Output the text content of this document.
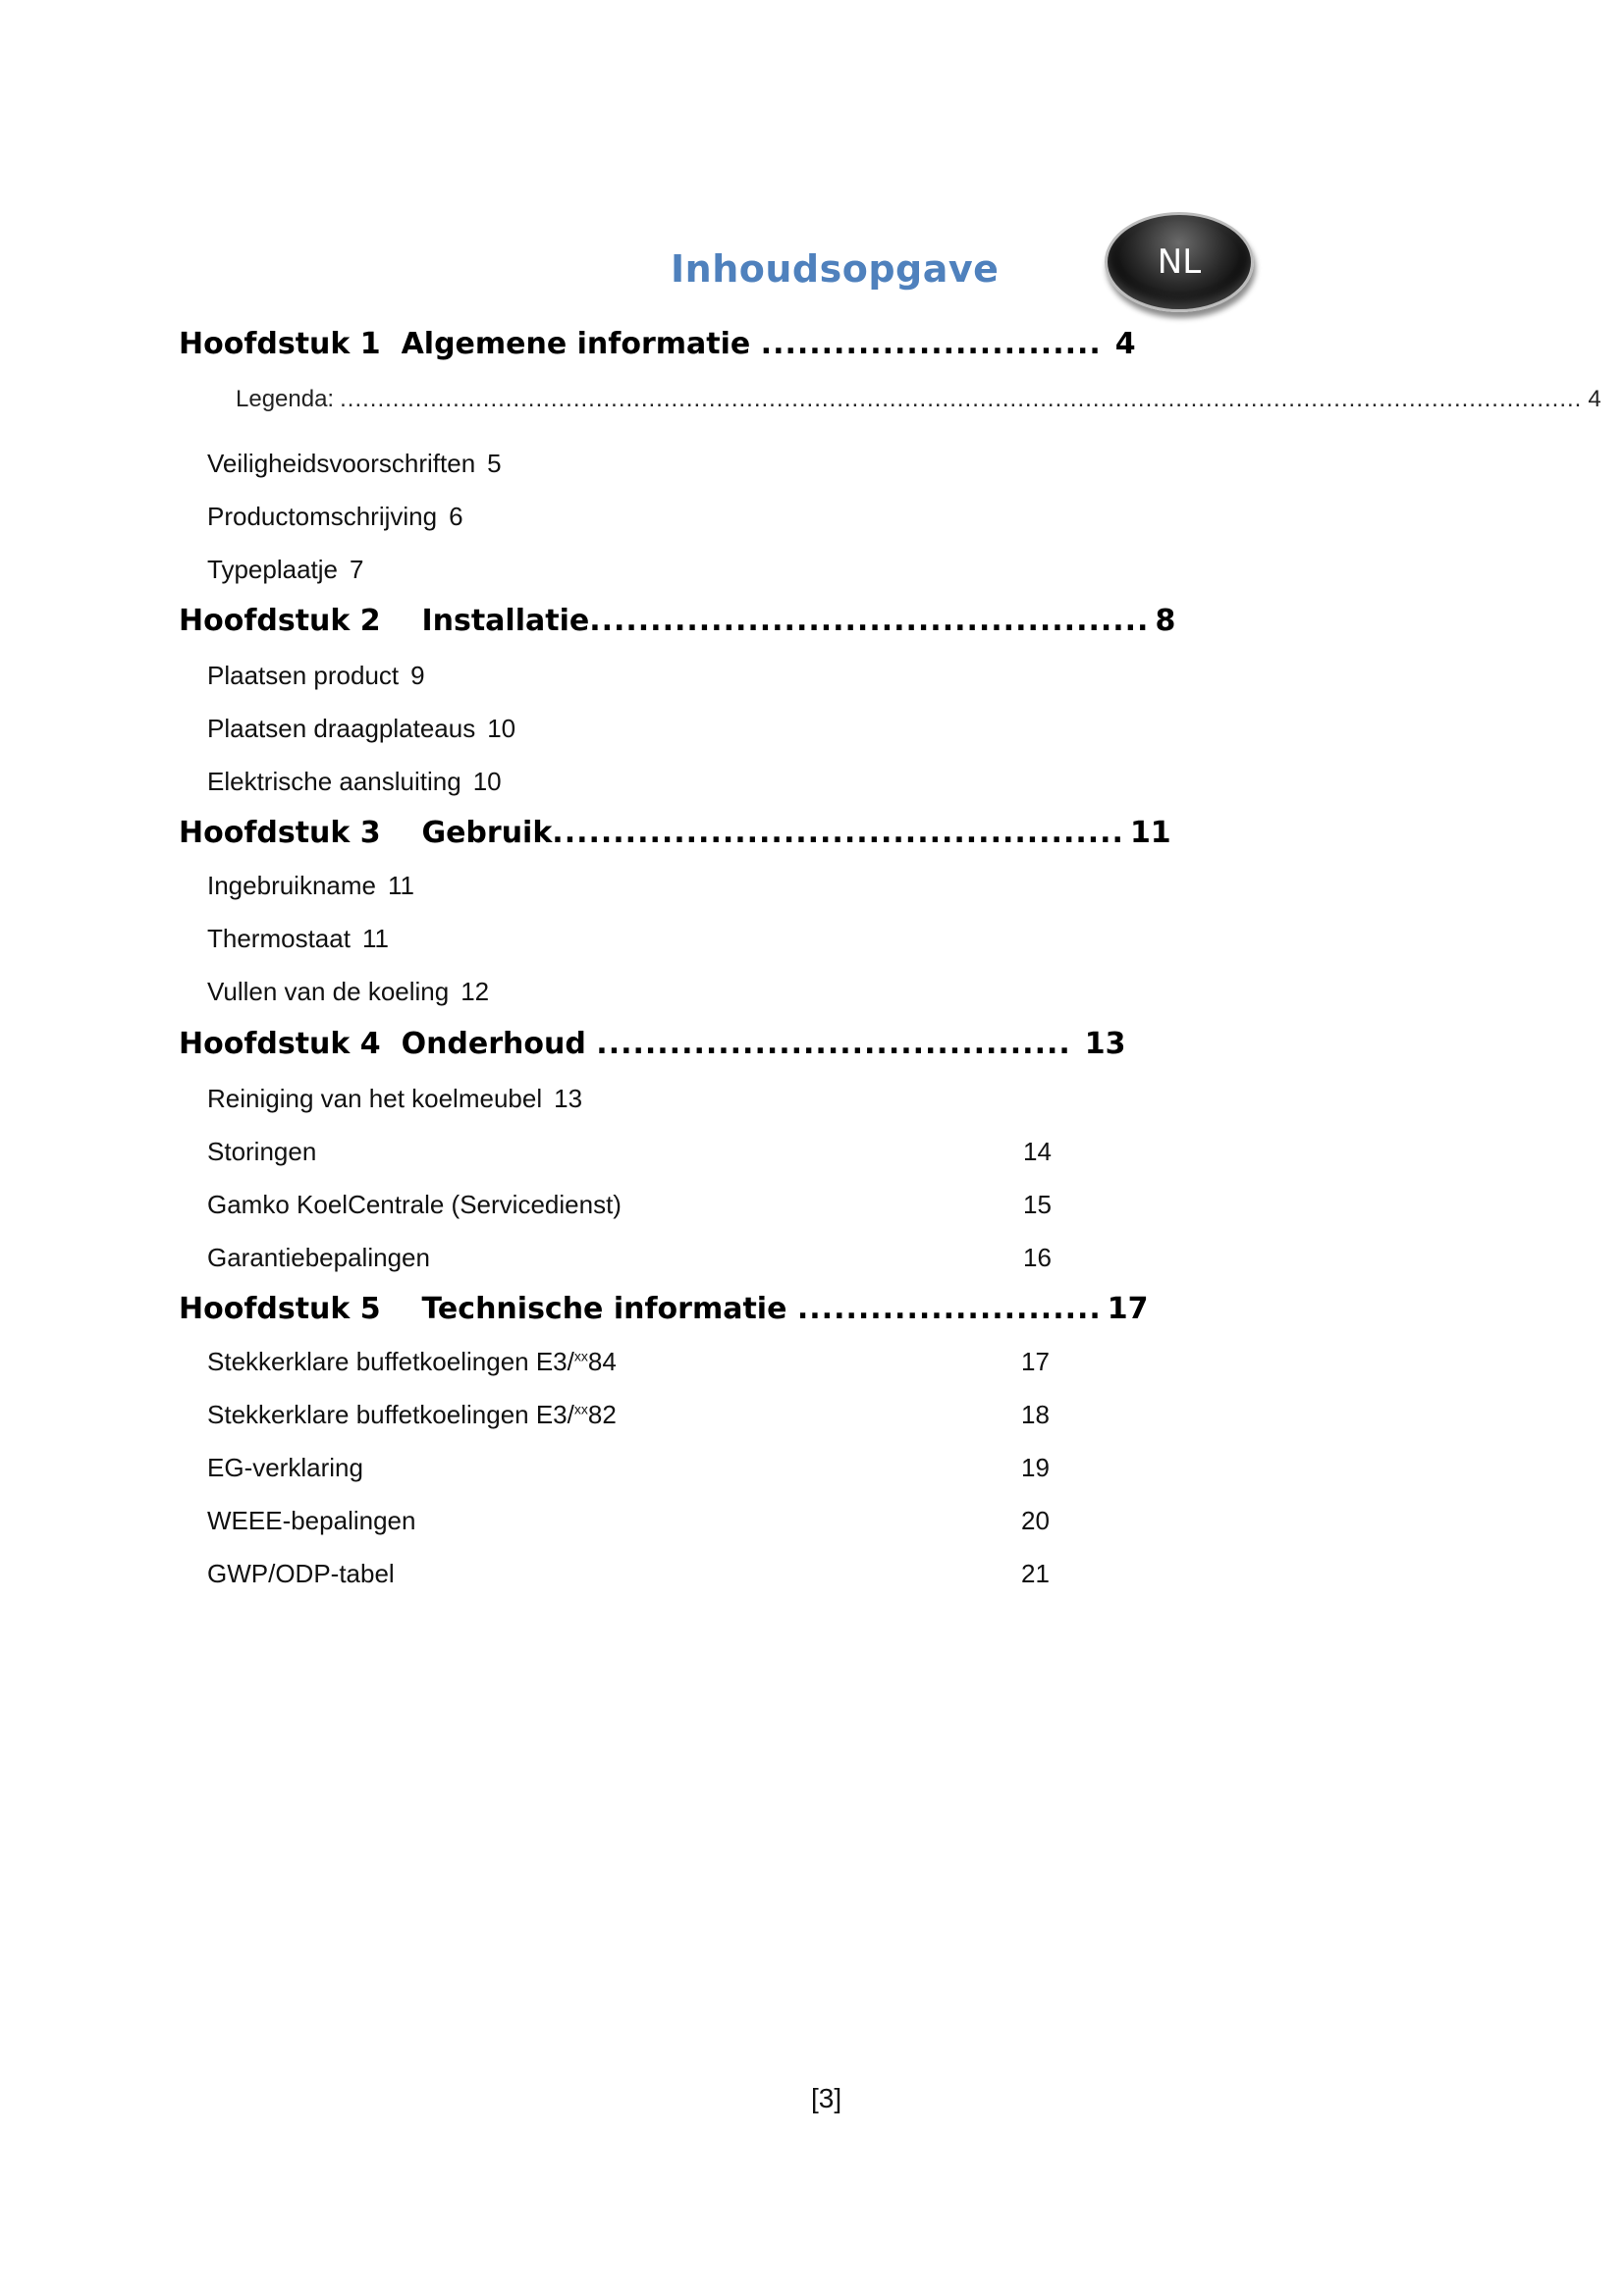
Inhoudsopgave	NL
Hoofdstuk 1  Algemene informatie ............................ 4
Legenda: ..................................................................................................................................................................... 4
Veiligheidsvoorschriften 5
Productomschrijving 6
Typeplaatje 7
Hoofdstuk 2    Installatie .............................................. 8
Plaatsen product 9
Plaatsen draagplateaus 10
Elektrische aansluiting 10
Hoofdstuk 3    Gebruik ............................................... 11
Ingebruikname 11
Thermostaat 11
Vullen van de koeling 12
Hoofdstuk 4  Onderhoud ....................................... 13
Reiniging van het koelmeubel 13
Storingen	14
Gamko KoelCentrale (Servicedienst)	15
Garantiebepalingen	16
Hoofdstuk 5    Technische informatie ......................... 17
Stekkerklare buffetkoelingen E3/$^{xx}$84	17
Stekkerklare buffetkoelingen E3/$^{xx}$82	18
EG-verklaring	19
WEEE-bepalingen	20
GWP/ODP-tabel	21
[3]
